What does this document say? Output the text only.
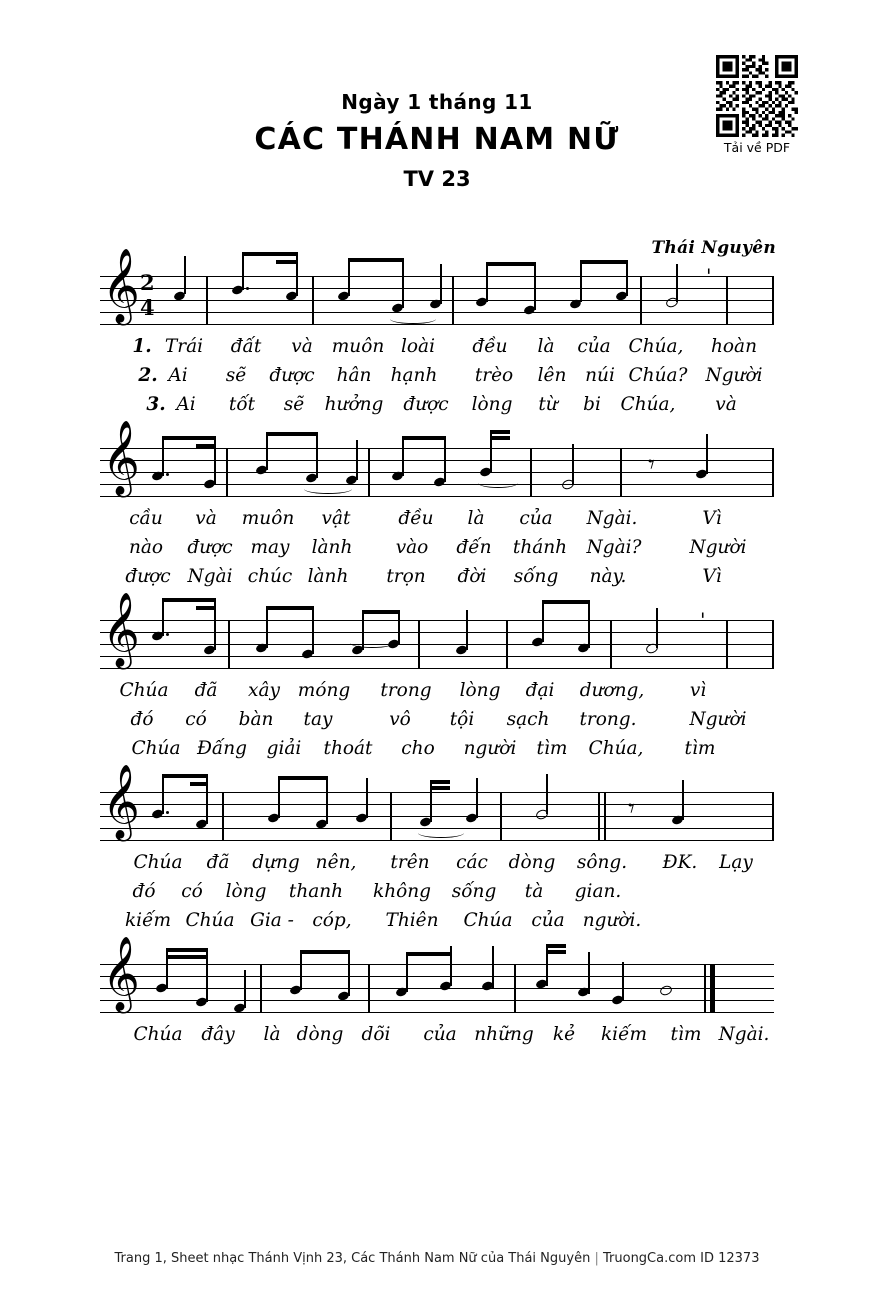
Tải về PDF
Ngày 1 tháng 11
CÁC THÁNH NAM NỮ
TV 23
Thái Nguyên
𝄞 2
4
'
1. Trái đất và muôn loài đều là của Chúa, hoàn
2. Ai sẽ được hân hạnh trèo lên núi Chúa? Người
3. Ai tốt sẽ hưởng được lòng từ bi Chúa, và
𝄞	𝄾
cầu và muôn vật	đều là của Ngài.	Vì
nào được may lành vào đến thánh Ngài?	Người
được Ngài chúc lành trọn đời sống này.	Vì
𝄞	'
Chúa đã xây móng trong lòng đại dương, vì
đó có bàn tay	vô tội sạch trong.	Người
Chúa Đấng giải thoát cho người tìm Chúa, tìm
𝄞	𝄾
Chúa đã dựng nên, trên các dòng sông. ĐK. Lạy
đó có lòng thanh không sống tà gian.
kiếm Chúa Gia - cóp, Thiên Chúa của người.
𝄞
Chúa đây là dòng dõi của những kẻ kiếm tìm Ngài.
Trang 1, Sheet nhạc Thánh Vịnh 23, Các Thánh Nam Nữ của Thái Nguyên | TruongCa.com ID 12373
